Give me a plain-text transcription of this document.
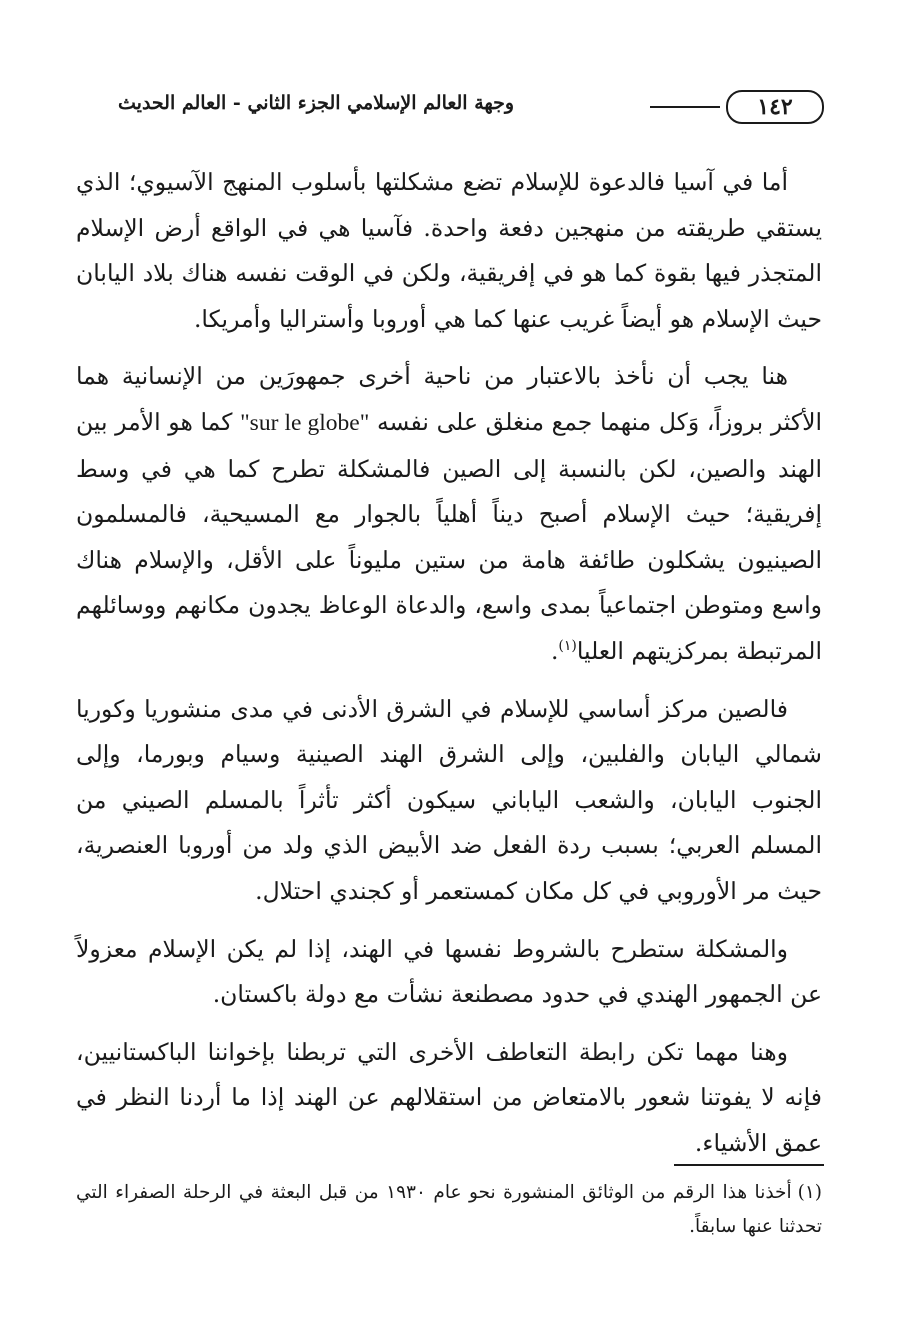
١٤٢
وجهة العالم الإسلامي الجزء الثاني - العالم الحديث

أما في آسيا فالدعوة للإسلام تضع مشكلتها بأسلوب المنهج الآسيوي؛ الذي يستقي طريقته من منهجين دفعة واحدة. فآسيا هي في الواقع أرض الإسلام المتجذر فيها بقوة كما هو في إفريقية، ولكن في الوقت نفسه هناك بلاد اليابان حيث الإسلام هو أيضاً غريب عنها كما هي أوروبا وأستراليا وأمريكا.

هنا يجب أن نأخذ بالاعتبار من ناحية أخرى جمهورَين من الإنسانية هما الأكثر بروزاً، وَكل منهما جمع منغلق على نفسه "sur le globe" كما هو الأمر بين الهند والصين، لكن بالنسبة إلى الصين فالمشكلة تطرح كما هي في وسط إفريقية؛ حيث الإسلام أصبح ديناً أهلياً بالجوار مع المسيحية، فالمسلمون الصينيون يشكلون طائفة هامة من ستين مليوناً على الأقل، والإسلام هناك واسع ومتوطن اجتماعياً بمدى واسع، والدعاة الوعاظ يجدون مكانهم ووسائلهم المرتبطة بمركزيتهم العليا$^{(١)}$.

فالصين مركز أساسي للإسلام في الشرق الأدنى في مدى منشوريا وكوريا شمالي اليابان والفلبين، وإلى الشرق الهند الصينية وسيام وبورما، وإلى الجنوب اليابان، والشعب الياباني سيكون أكثر تأثراً بالمسلم الصيني من المسلم العربي؛ بسبب ردة الفعل ضد الأبيض الذي ولد من أوروبا العنصرية، حيث مر الأوروبي في كل مكان كمستعمر أو كجندي احتلال.

والمشكلة ستطرح بالشروط نفسها في الهند، إذا لم يكن الإسلام معزولاً عن الجمهور الهندي في حدود مصطنعة نشأت مع دولة باكستان.

وهنا مهما تكن رابطة التعاطف الأخرى التي تربطنا بإخواننا الباكستانيين، فإنه لا يفوتنا شعور بالامتعاض من استقلالهم عن الهند إذا ما أردنا النظر في عمق الأشياء.

(١)أخذنا هذا الرقم من الوثائق المنشورة نحو عام ١٩٣٠ من قبل البعثة في الرحلة الصفراء التي تحدثنا عنها سابقاً.
